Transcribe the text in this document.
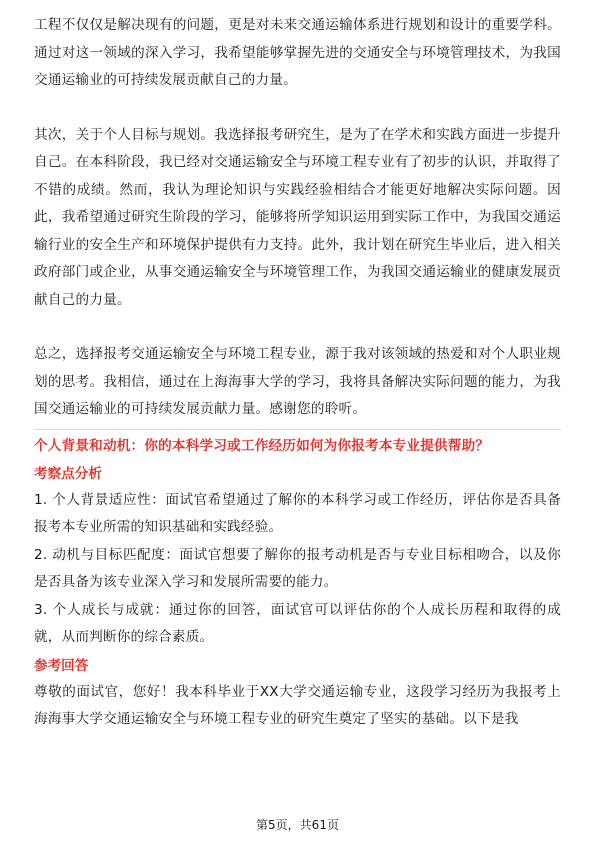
工程不仅仅是解决现有的问题，更是对未来交通运输体系进行规划和设计的重要学科。通过对这一领域的深入学习，我希望能够掌握先进的交通安全与环境管理技术，为我国交通运输业的可持续发展贡献自己的力量。

其次，关于个人目标与规划。我选择报考研究生，是为了在学术和实践方面进一步提升自己。在本科阶段，我已经对交通运输安全与环境工程专业有了初步的认识，并取得了不错的成绩。然而，我认为理论知识与实践经验相结合才能更好地解决实际问题。因此，我希望通过研究生阶段的学习，能够将所学知识运用到实际工作中，为我国交通运输行业的安全生产和环境保护提供有力支持。此外，我计划在研究生毕业后，进入相关政府部门或企业，从事交通运输安全与环境管理工作，为我国交通运输业的健康发展贡献自己的力量。

总之，选择报考交通运输安全与环境工程专业，源于我对该领域的热爱和对个人职业规划的思考。我相信，通过在上海海事大学的学习，我将具备解决实际问题的能力，为我国交通运输业的可持续发展贡献力量。感谢您的聆听。

个人背景和动机：你的本科学习或工作经历如何为你报考本专业提供帮助？

考察点分析

1. 个人背景适应性：面试官希望通过了解你的本科学习或工作经历，评估你是否具备报考本专业所需的知识基础和实践经验。

2. 动机与目标匹配度：面试官想要了解你的报考动机是否与专业目标相吻合，以及你是否具备为该专业深入学习和发展所需要的能力。

3. 个人成长与成就：通过你的回答，面试官可以评估你的个人成长历程和取得的成就，从而判断你的综合素质。

参考回答

尊敬的面试官，您好！我本科毕业于XX大学交通运输专业，这段学习经历为我报考上海海事大学交通运输安全与环境工程专业的研究生奠定了坚实的基础。以下是我

第5页，共61页
